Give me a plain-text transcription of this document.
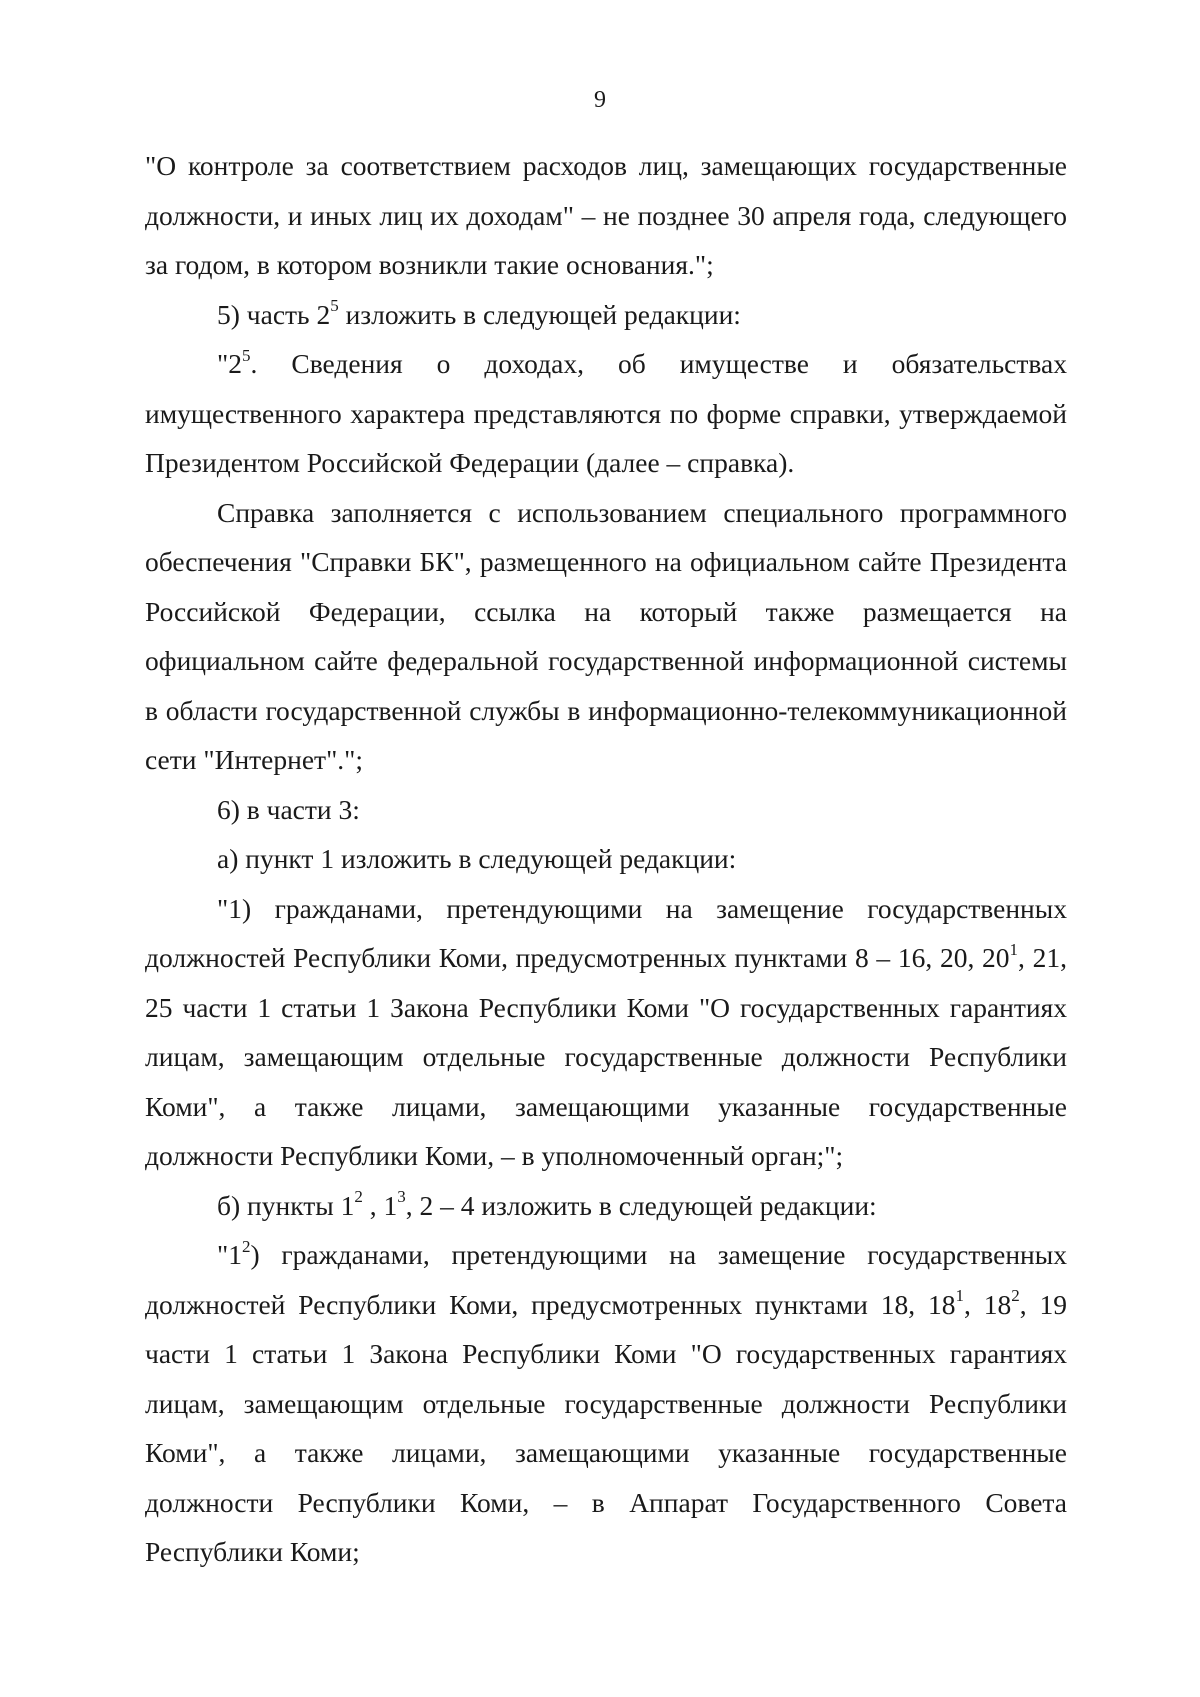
9

"О контроле за соответствием расходов лиц, замещающих государственные должности, и иных лиц их доходам" – не позднее 30 апреля года, следующего за годом, в котором возникли такие основания.";

5) часть $2^5$ изложить в следующей редакции:

"$2^5$. Сведения о доходах, об имуществе и обязательствах имущественного характера представляются по форме справки, утверждаемой Президентом Российской Федерации (далее – справка).

Справка заполняется с использованием специального программного обеспечения "Справки БК", размещенного на официальном сайте Президента Российской Федерации, ссылка на который также размещается на официальном сайте федеральной государственной информационной системы в области государственной службы в информационно-телекоммуникационной сети "Интернет".";

6) в части 3:

а) пункт 1 изложить в следующей редакции:

"1) гражданами, претендующими на замещение государственных должностей Республики Коми, предусмотренных пунктами 8 – 16, 20, $20^1$, 21, 25 части 1 статьи 1 Закона Республики Коми "О государственных гарантиях лицам, замещающим отдельные государственные должности Республики Коми", а также лицами, замещающими указанные государственные должности Республики Коми, – в уполномоченный орган;";

б) пункты $1^2$ , $1^3$, 2 – 4 изложить в следующей редакции:

"$1^2$) гражданами, претендующими на замещение государственных должностей Республики Коми, предусмотренных пунктами 18, $18^1$, $18^2$, 19 части 1 статьи 1 Закона Республики Коми "О государственных гарантиях лицам, замещающим отдельные государственные должности Республики Коми", а также лицами, замещающими указанные государственные должности Республики Коми, – в Аппарат Государственного Совета Республики Коми;
